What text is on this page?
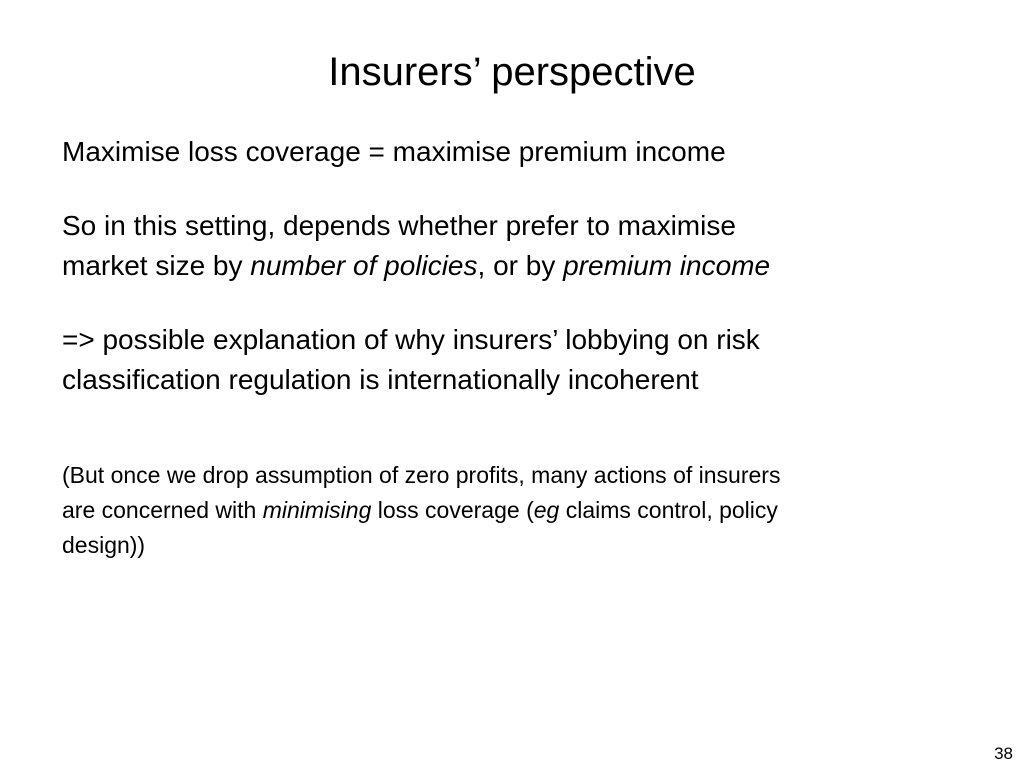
Insurers’ perspective

Maximise loss coverage = maximise premium income

So in this setting, depends whether prefer to maximise
market size by number of policies, or by premium income

=> possible explanation of why insurers’ lobbying on risk
classification regulation is internationally incoherent

(But once we drop assumption of zero profits, many actions of insurers
are concerned with minimising loss coverage (eg claims control, policy
design))

38
